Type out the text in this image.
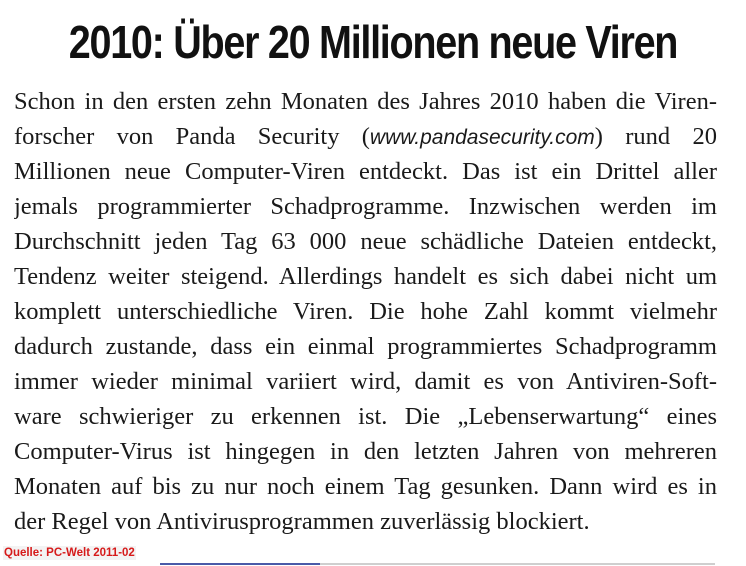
2010: Über 20 Millionen neue Viren
Schon in den ersten zehn Monaten des Jahres 2010 haben die Viren-
forscher von Panda Security (www.pandasecurity.com) rund 20
Millionen neue Computer-Viren entdeckt. Das ist ein Drittel aller
jemals programmierter Schadprogramme. Inzwischen werden im
Durchschnitt jeden Tag 63 000 neue schädliche Dateien entdeckt,
Tendenz weiter steigend. Allerdings handelt es sich dabei nicht um
komplett unterschiedliche Viren. Die hohe Zahl kommt vielmehr
dadurch zustande, dass ein einmal programmiertes Schadprogramm
immer wieder minimal variiert wird, damit es von Antiviren-Soft-
ware schwieriger zu erkennen ist. Die „Lebenserwartung“ eines
Computer-Virus ist hingegen in den letzten Jahren von mehreren
Monaten auf bis zu nur noch einem Tag gesunken. Dann wird es in
der Regel von Antivirusprogrammen zuverlässig blockiert.
Quelle: PC-Welt 2011-02
